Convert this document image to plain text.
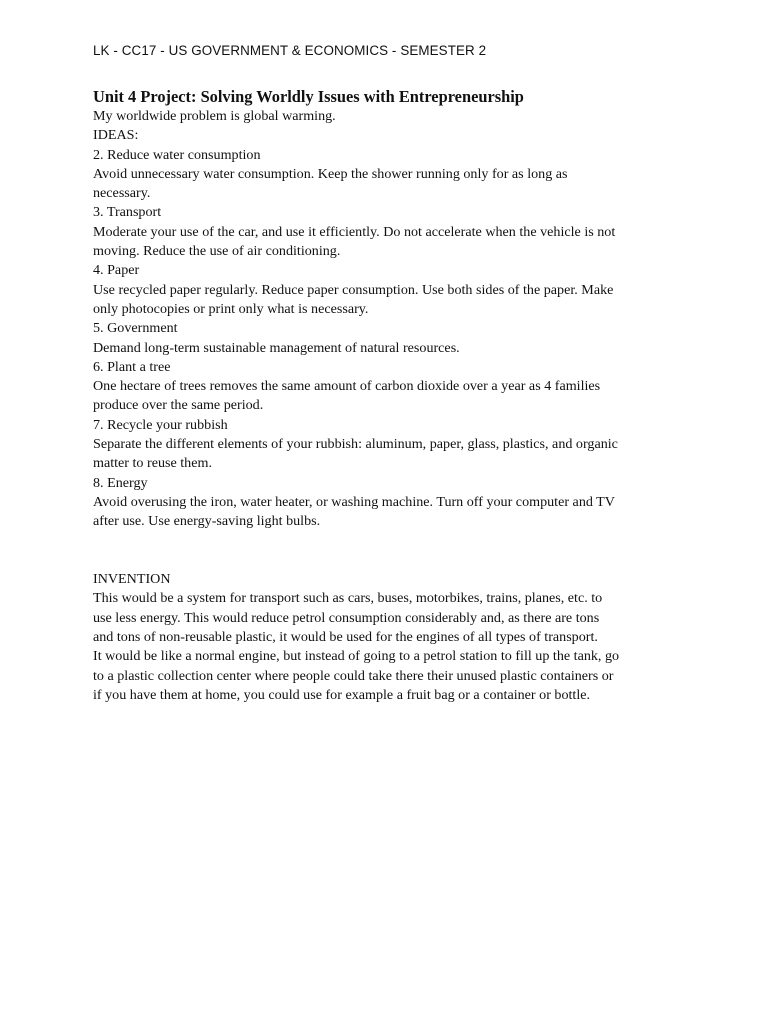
LK - CC17 - US GOVERNMENT & ECONOMICS - SEMESTER 2

Unit 4 Project: Solving Worldly Issues with Entrepreneurship

My worldwide problem is global warming.

IDEAS:

2. Reduce water consumption

Avoid unnecessary water consumption. Keep the shower running only for as long as

necessary.

3. Transport

Moderate your use of the car, and use it efficiently. Do not accelerate when the vehicle is not

moving. Reduce the use of air conditioning.

4. Paper

Use recycled paper regularly. Reduce paper consumption. Use both sides of the paper. Make

only photocopies or print only what is necessary.

5. Government

Demand long-term sustainable management of natural resources.

6. Plant a tree

One hectare of trees removes the same amount of carbon dioxide over a year as 4 families

produce over the same period.

7. Recycle your rubbish

Separate the different elements of your rubbish: aluminum, paper, glass, plastics, and organic

matter to reuse them.

8. Energy

Avoid overusing the iron, water heater, or washing machine. Turn off your computer and TV

after use. Use energy-saving light bulbs.

INVENTION

This would be a system for transport such as cars, buses, motorbikes, trains, planes, etc. to

use less energy. This would reduce petrol consumption considerably and, as there are tons

and tons of non-reusable plastic, it would be used for the engines of all types of transport.

It would be like a normal engine, but instead of going to a petrol station to fill up the tank, go

to a plastic collection center where people could take there their unused plastic containers or

if you have them at home, you could use for example a fruit bag or a container or bottle.
